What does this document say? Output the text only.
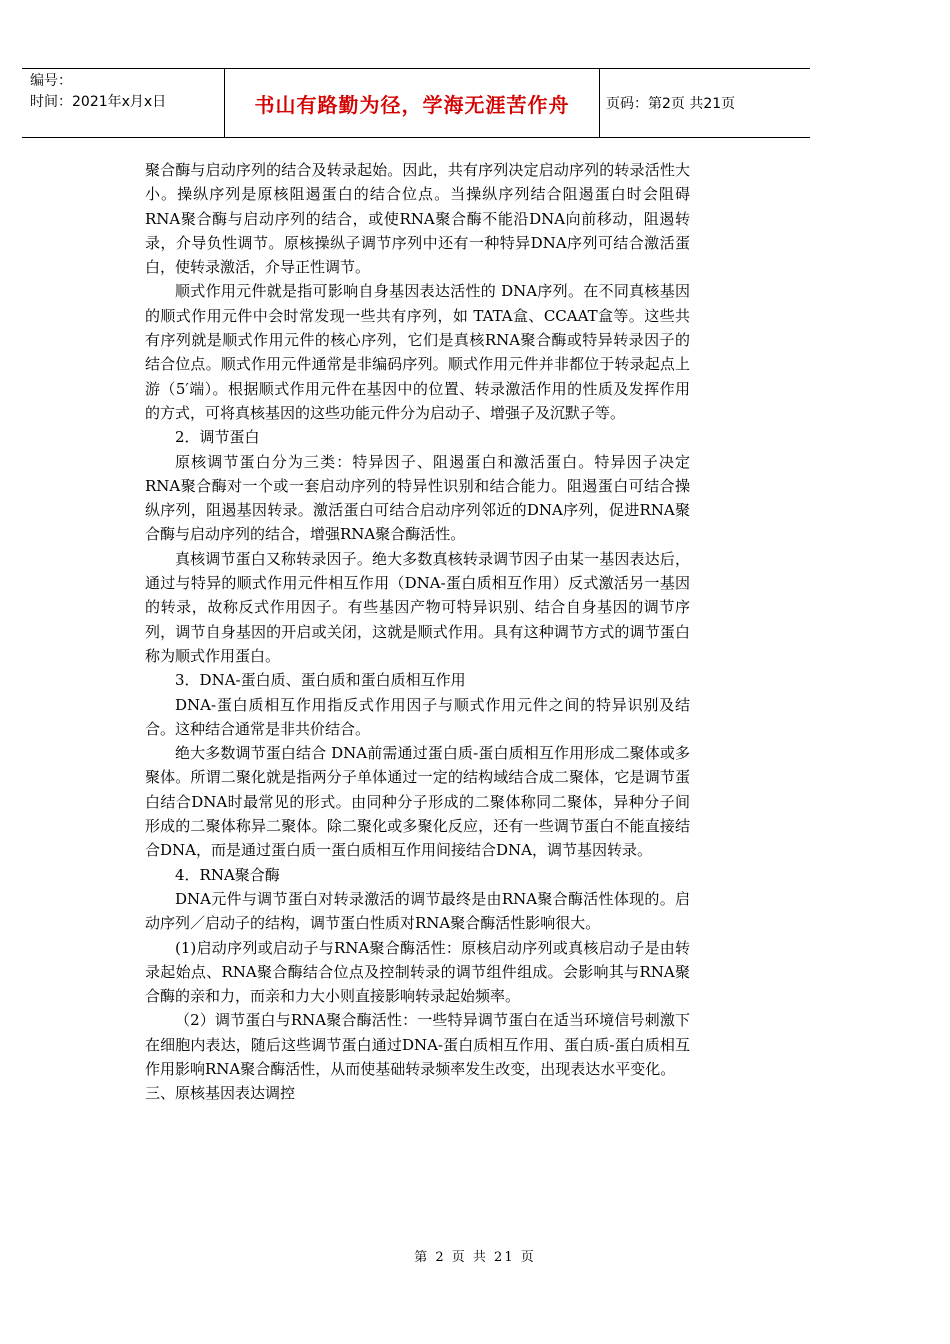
编号：
时间：2021年x月x日	书山有路勤为径，学海无涯苦作舟	页码：第2页 共21页

聚合酶与启动序列的结合及转录起始。因此，共有序列决定启动序列的转录活性大小。操纵序列是原核阻遏蛋白的结合位点。当操纵序列结合阻遏蛋白时会阻碍RNA聚合酶与启动序列的结合，或使RNA聚合酶不能沿DNA向前移动，阻遏转录，介导负性调节。原核操纵子调节序列中还有一种特异DNA序列可结合激活蛋白，使转录激活，介导正性调节。

顺式作用元件就是指可影响自身基因表达活性的 DNA序列。在不同真核基因的顺式作用元件中会时常发现一些共有序列，如 TATA盒、CCAAT盒等。这些共有序列就是顺式作用元件的核心序列，它们是真核RNA聚合酶或特异转录因子的结合位点。顺式作用元件通常是非编码序列。顺式作用元件并非都位于转录起点上游（5′端）。根据顺式作用元件在基因中的位置、转录激活作用的性质及发挥作用的方式，可将真核基因的这些功能元件分为启动子、增强子及沉默子等。

2．调节蛋白

原核调节蛋白分为三类：特异因子、阻遏蛋白和激活蛋白。特异因子决定RNA聚合酶对一个或一套启动序列的特异性识别和结合能力。阻遏蛋白可结合操纵序列，阻遏基因转录。激活蛋白可结合启动序列邻近的DNA序列，促进RNA聚合酶与启动序列的结合，增强RNA聚合酶活性。

真核调节蛋白又称转录因子。绝大多数真核转录调节因子由某一基因表达后，通过与特异的顺式作用元件相互作用（DNA-蛋白质相互作用）反式激活另一基因的转录，故称反式作用因子。有些基因产物可特异识别、结合自身基因的调节序列，调节自身基因的开启或关闭，这就是顺式作用。具有这种调节方式的调节蛋白称为顺式作用蛋白。

3．DNA-蛋白质、蛋白质和蛋白质相互作用

DNA-蛋白质相互作用指反式作用因子与顺式作用元件之间的特异识别及结合。这种结合通常是非共价结合。

绝大多数调节蛋白结合 DNA前需通过蛋白质-蛋白质相互作用形成二聚体或多聚体。所谓二聚化就是指两分子单体通过一定的结构域结合成二聚体，它是调节蛋白结合DNA时最常见的形式。由同种分子形成的二聚体称同二聚体，异种分子间形成的二聚体称异二聚体。除二聚化或多聚化反应，还有一些调节蛋白不能直接结合DNA，而是通过蛋白质一蛋白质相互作用间接结合DNA，调节基因转录。

4．RNA聚合酶

DNA元件与调节蛋白对转录激活的调节最终是由RNA聚合酶活性体现的。启动序列／启动子的结构，调节蛋白性质对RNA聚合酶活性影响很大。

(1)启动序列或启动子与RNA聚合酶活性：原核启动序列或真核启动子是由转录起始点、RNA聚合酶结合位点及控制转录的调节组件组成。会影响其与RNA聚合酶的亲和力，而亲和力大小则直接影响转录起始频率。

（2）调节蛋白与RNA聚合酶活性：一些特异调节蛋白在适当环境信号刺激下在细胞内表达，随后这些调节蛋白通过DNA-蛋白质相互作用、蛋白质-蛋白质相互作用影响RNA聚合酶活性，从而使基础转录频率发生改变，出现表达水平变化。

三、原核基因表达调控

第 2 页 共 21 页
